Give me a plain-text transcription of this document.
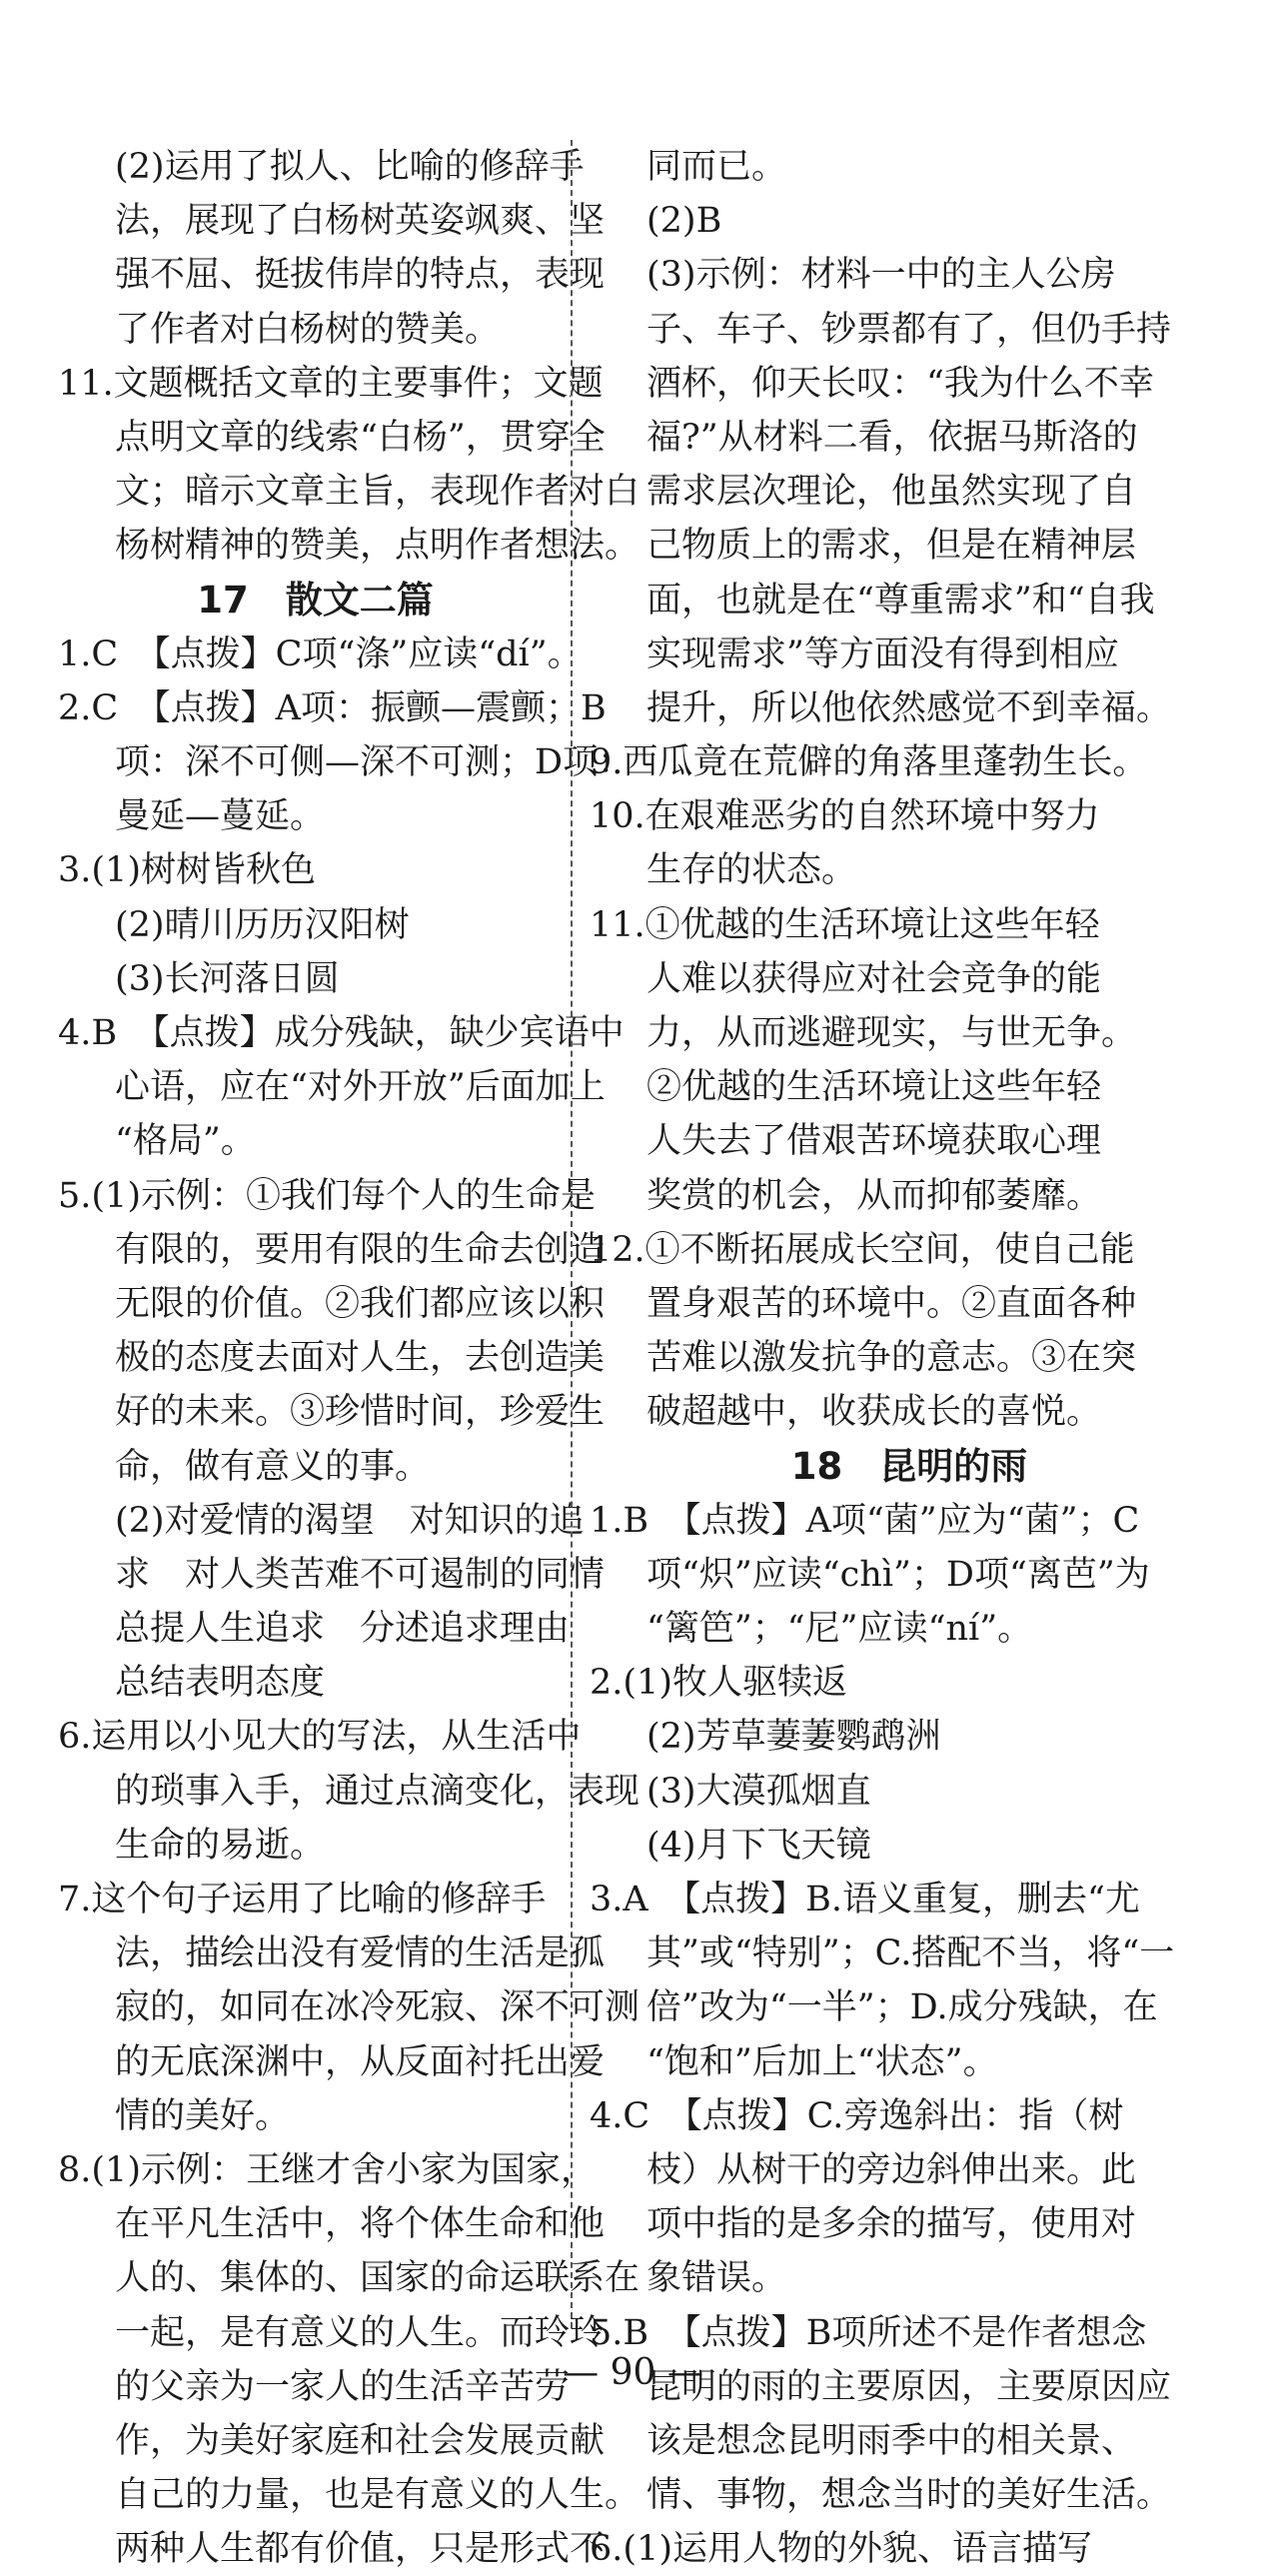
(2)运用了拟人、比喻的修辞手
法，展现了白杨树英姿飒爽、坚
强不屈、挺拔伟岸的特点，表现
了作者对白杨树的赞美。
11.文题概括文章的主要事件；文题
点明文章的线索“白杨”，贯穿全
文；暗示文章主旨，表现作者对白
杨树精神的赞美，点明作者想法。
17　散文二篇
1.C　【点拨】C项“涤”应读“dí”。
2.C　【点拨】A项：振颤—震颤；B
项：深不可侧—深不可测；D项：
曼延—蔓延。
3.(1)树树皆秋色
(2)晴川历历汉阳树
(3)长河落日圆
4.B　【点拨】成分残缺，缺少宾语中
心语，应在“对外开放”后面加上
“格局”。
5.(1)示例：①我们每个人的生命是
有限的，要用有限的生命去创造
无限的价值。②我们都应该以积
极的态度去面对人生，去创造美
好的未来。③珍惜时间，珍爱生
命，做有意义的事。
(2)对爱情的渴望　对知识的追
求　对人类苦难不可遏制的同情
总提人生追求　分述追求理由
总结表明态度
6.运用以小见大的写法，从生活中
的琐事入手，通过点滴变化，表现
生命的易逝。
7.这个句子运用了比喻的修辞手
法，描绘出没有爱情的生活是孤
寂的，如同在冰冷死寂、深不可测
的无底深渊中，从反面衬托出爱
情的美好。
8.(1)示例：王继才舍小家为国家，
在平凡生活中，将个体生命和他
人的、集体的、国家的命运联系在
一起，是有意义的人生。而玲玲
的父亲为一家人的生活辛苦劳
作，为美好家庭和社会发展贡献
自己的力量，也是有意义的人生。
两种人生都有价值，只是形式不
同而已。
(2)B
(3)示例：材料一中的主人公房
子、车子、钞票都有了，但仍手持
酒杯，仰天长叹：“我为什么不幸
福?”从材料二看，依据马斯洛的
需求层次理论，他虽然实现了自
己物质上的需求，但是在精神层
面，也就是在“尊重需求”和“自我
实现需求”等方面没有得到相应
提升，所以他依然感觉不到幸福。
9.西瓜竟在荒僻的角落里蓬勃生长。
10.在艰难恶劣的自然环境中努力
生存的状态。
11.①优越的生活环境让这些年轻
人难以获得应对社会竞争的能
力，从而逃避现实，与世无争。
②优越的生活环境让这些年轻
人失去了借艰苦环境获取心理
奖赏的机会，从而抑郁萎靡。
12.①不断拓展成长空间，使自己能
置身艰苦的环境中。②直面各种
苦难以激发抗争的意志。③在突
破超越中，收获成长的喜悦。
18　昆明的雨
1.B　【点拨】A项“菌”应为“菌”；C
项“炽”应读“chì”；D项“离芭”为
“篱笆”；“尼”应读“ní”。
2.(1)牧人驱犊返
(2)芳草萋萋鹦鹉洲
(3)大漠孤烟直
(4)月下飞天镜
3.A　【点拨】B.语义重复，删去“尤
其”或“特别”；C.搭配不当，将“一
倍”改为“一半”；D.成分残缺，在
“饱和”后加上“状态”。
4.C　【点拨】C.旁逸斜出：指（树
枝）从树干的旁边斜伸出来。此
项中指的是多余的描写，使用对
象错误。
5.B　【点拨】B项所述不是作者想念
昆明的雨的主要原因，主要原因应
该是想念昆明雨季中的相关景、
情、事物，想念当时的美好生活。
6.(1)运用人物的外貌、语言描写
— 90 —
